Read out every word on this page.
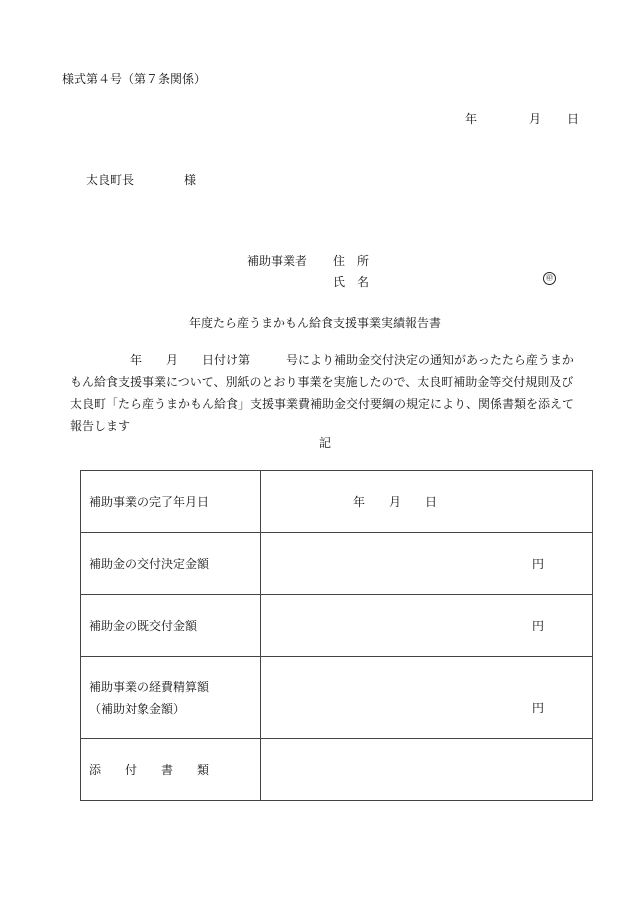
様式第４号（第７条関係）
年	月 日
太良町長	様
補助事業者 住　所
氏　名	㊞
年度たら産うまかもん給食支援事業実績報告書
　　　　　年　　月　　日付け第　　　号により補助金交付決定の通知があったたら産うまかもん給食支援事業について、別紙のとおり事業を実施したので、太良町補助金等交付規則及び太良町「たら産うまかもん給食」支援事業費補助金交付要綱の規定により、関係書類を添えて報告します
記
補助事業の完了年月日	年　　月　　日

補助金の交付決定金額	円

補助金の既交付金額	円

補助事業の経費精算額
（補助対象金額）	円

添 付 書 類	
